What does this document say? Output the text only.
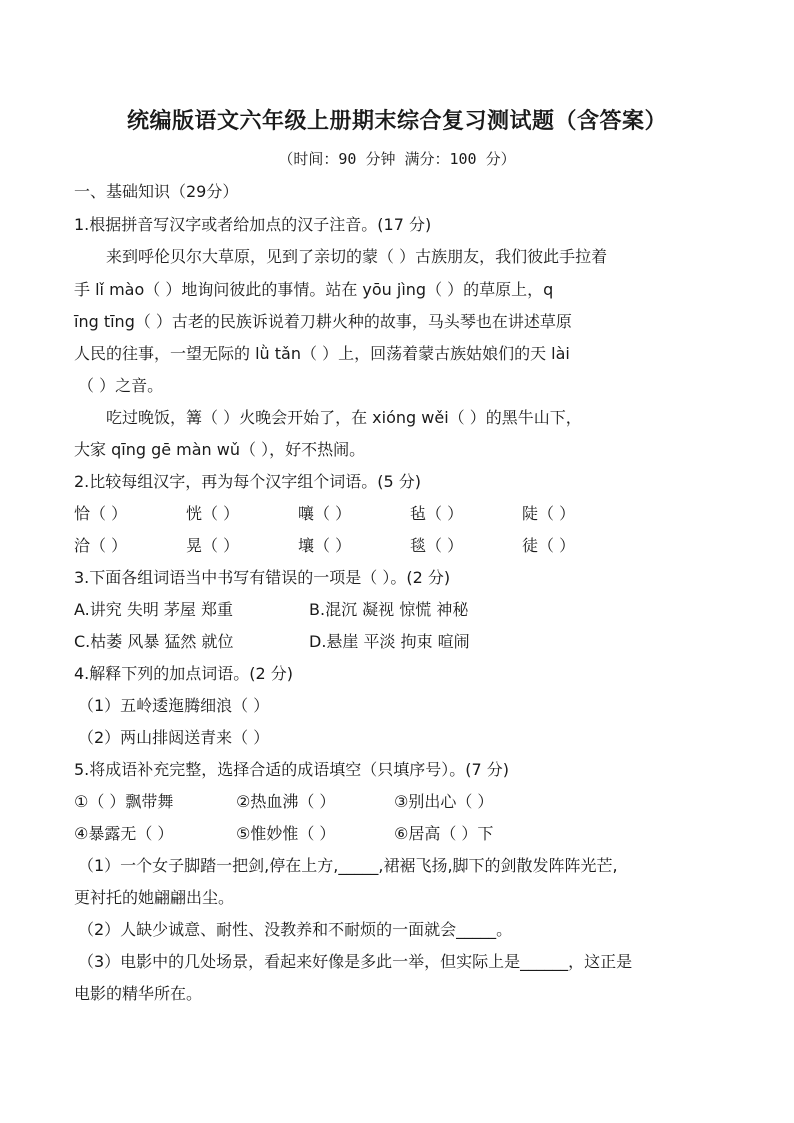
统编版语文六年级上册期末综合复习测试题（含答案）
（时间：90 分钟 满分：100 分）
一、基础知识（29分）
1.根据拼音写汉字或者给加点的汉子注音。(17 分)
来到呼伦贝尔大草原，见到了亲切的蒙（ ）古族朋友，我们彼此手拉着
手 lǐ mào（ ）地询问彼此的事情。站在 yōu jìng（ ）的草原上，q
īng tīng（ ）古老的民族诉说着刀耕火种的故事，马头琴也在讲述草原
人民的往事，一望无际的 lǜ tǎn（ ）上，回荡着蒙古族姑娘们的天 lài
（ ）之音。
吃过晚饭，篝（ ）火晚会开始了，在 xióng wěi（ ）的黑牛山下，
大家 qīng gē màn wǔ（ ），好不热闹。
2.比较每组汉字，再为每个汉字组个词语。(5 分)
恰（ ）	恍（ ）	嚷（ ）	毡（ ）	陡（ ）
洽（ ）	晃（ ）	壤（ ）	毯（ ）	徒（ ）
3.下面各组词语当中书写有错误的一项是（ ）。(2 分)
A.讲究 失明 茅屋 郑重	B.混沉 凝视 惊慌 神秘
C.枯萎 风暴 猛然 就位	D.悬崖 平淡 拘束 喧闹
4.解释下列的加点词语。(2 分)
（1）五岭逶迤腾细浪（ ）
（2）两山排闼送青来（ ）
5.将成语补充完整，选择合适的成语填空（只填序号）。(7 分)
①（ ）飘带舞	②热血沸（ ）	③别出心（ ）
④暴露无（ ）	⑤惟妙惟（ ）	⑥居高（ ）下
（1）一个女子脚踏一把剑,停在上方,_____,裙裾飞扬,脚下的剑散发阵阵光芒,
更衬托的她翩翩出尘。
（2）人缺少诚意、耐性、没教养和不耐烦的一面就会_____。
（3）电影中的几处场景，看起来好像是多此一举，但实际上是______，这正是
电影的精华所在。
